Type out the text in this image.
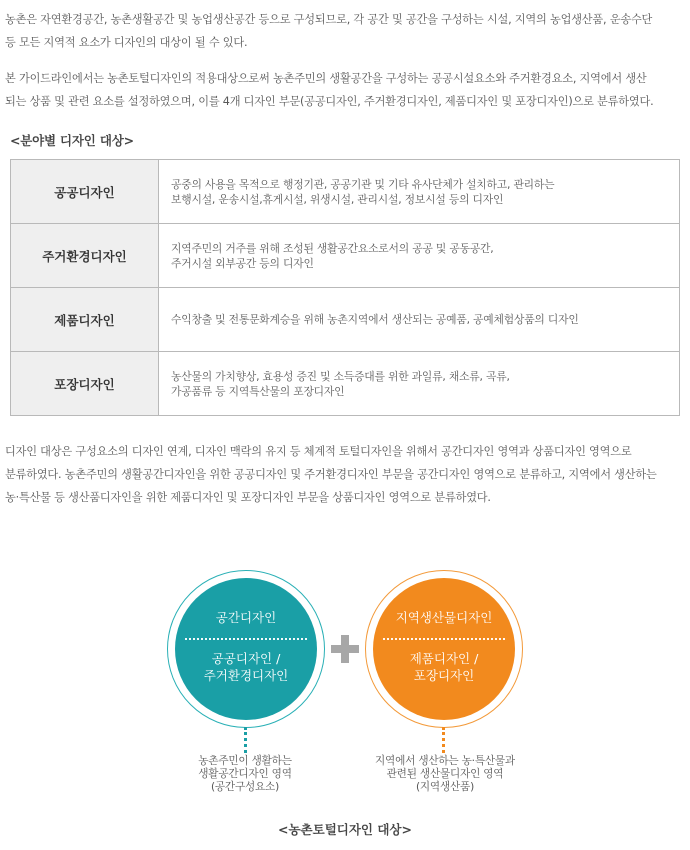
농촌은 자연환경공간, 농촌생활공간 및 농업생산공간 등으로 구성되므로, 각 공간 및 공간을 구성하는 시설, 지역의 농업생산품, 운송수단
등 모든 지역적 요소가 디자인의 대상이 될 수 있다.
본 가이드라인에서는 농촌토털디자인의 적용대상으로써 농촌주민의 생활공간을 구성하는 공공시설요소와 주거환경요소, 지역에서 생산
되는 상품 및 관련 요소를 설정하였으며, 이를 4개 디자인 부문(공공디자인, 주거환경디자인, 제품디자인 및 포장디자인)으로 분류하였다.
<분야별 디자인 대상>
공공디자인	공중의 사용을 목적으로 행정기관, 공공기관 및 기타 유사단체가 설치하고, 관리하는
보행시설, 운송시설,휴게시설, 위생시설, 관리시설, 정보시설 등의 디자인

주거환경디자인	지역주민의 거주를 위해 조성된 생활공간요소로서의 공공 및 공동공간,
주거시설 외부공간 등의 디자인

제품디자인	수익창출 및 전통문화계승을 위해 농촌지역에서 생산되는 공예품, 공예체험상품의 디자인

포장디자인	농산물의 가치향상, 효용성 증진 및 소득증대를 위한 과일류, 채소류, 곡류,
가공품류 등 지역특산물의 포장디자인
디자인 대상은 구성요소의 디자인 연계, 디자인 맥락의 유지 등 체계적 토털디자인을 위해서 공간디자인 영역과 상품디자인 영역으로
분류하였다. 농촌주민의 생활공간디자인을 위한 공공디자인 및 주거환경디자인 부문을 공간디자인 영역으로 분류하고, 지역에서 생산하는
농·특산물 등 생산품디자인을 위한 제품디자인 및 포장디자인 부문을 상품디자인 영역으로 분류하였다.
공간디자인
공공디자인 /
주거환경디자인
농촌주민이 생활하는
생활공간디자인 영역
(공간구성요소)
지역생산물디자인
제품디자인 /
포장디자인
지역에서 생산하는 농·특산물과
관련된 생산물디자인 영역
(지역생산품)
<농촌토털디자인 대상>
